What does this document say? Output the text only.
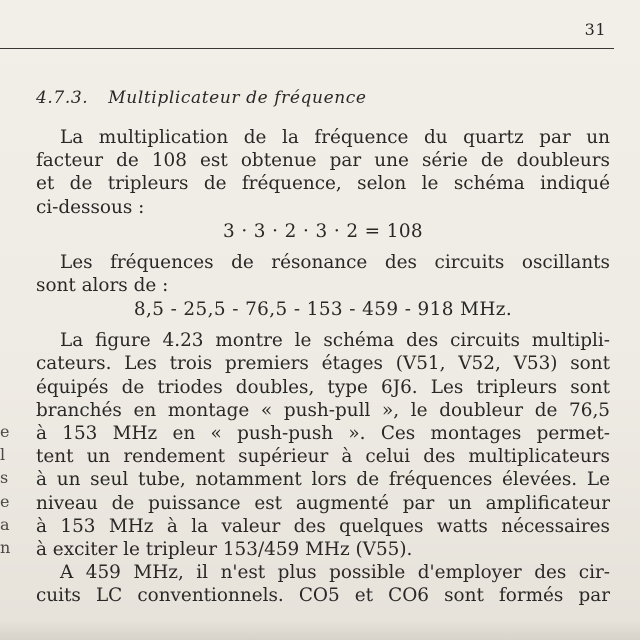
31
4.7.3. Multiplicateur de fréquence
La multiplication de la fréquence du quartz par un
facteur de 108 est obtenue par une série de doubleurs
et de tripleurs de fréquence, selon le schéma indiqué
ci-dessous :
3 · 3 · 2 · 3 · 2 = 108
Les fréquences de résonance des circuits oscillants
sont alors de :
8,5 - 25,5 - 76,5 - 153 - 459 - 918 MHz.
La figure 4.23 montre le schéma des circuits multipli-
cateurs. Les trois premiers étages (V51, V52, V53) sont
équipés de triodes doubles, type 6J6. Les tripleurs sont
branchés en montage « push-pull », le doubleur de 76,5
à 153 MHz en « push-push ». Ces montages permet-
tent un rendement supérieur à celui des multiplicateurs
à un seul tube, notamment lors de fréquences élevées. Le
niveau de puissance est augmenté par un amplificateur
à 153 MHz à la valeur des quelques watts nécessaires
à exciter le tripleur 153/459 MHz (V55).
A 459 MHz, il n'est plus possible d'employer des cir-
cuits LC conventionnels. CO5 et CO6 sont formés par
e
l
s
e
a
n
